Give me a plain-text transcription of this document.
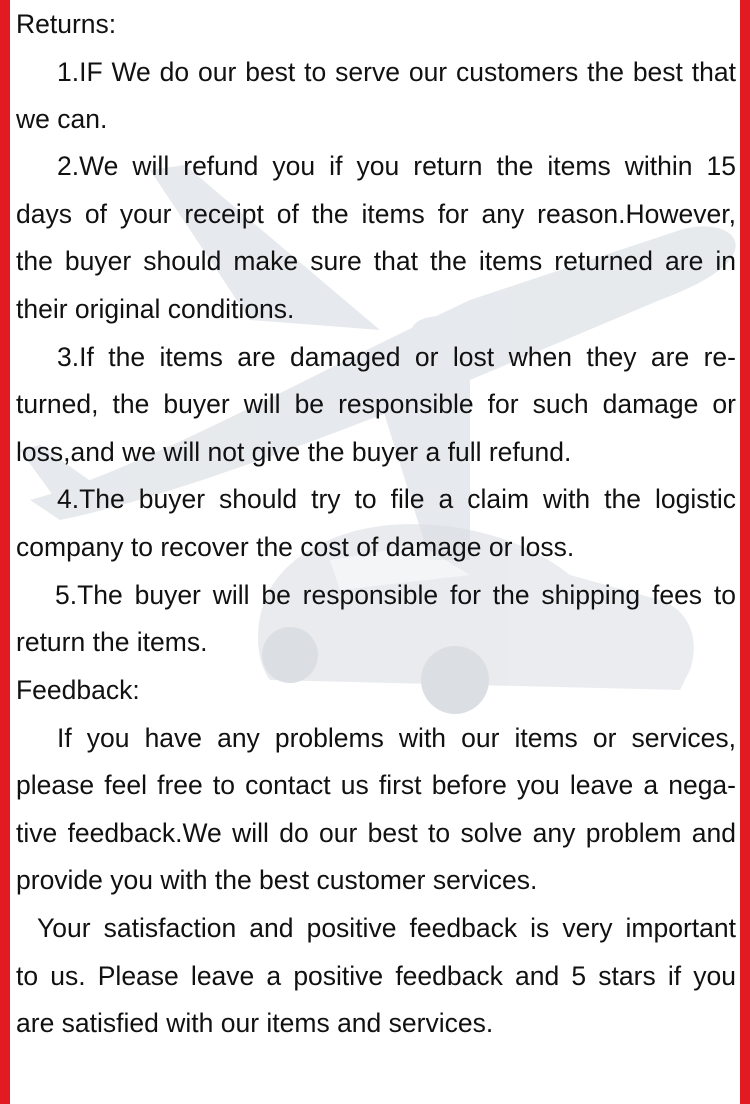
Returns:
1.IF We do our best to serve our customers the best that
we can.
2.We will refund you if you return the items within 15
days of your receipt of the items for any reason.However,
the buyer should make sure that the items returned are in
their original conditions.
3.If the items are damaged or lost when they are re-
turned, the buyer will be responsible for such damage or
loss,and we will not give the buyer a full refund.
4.The buyer should try to file a claim with the logistic
company to recover the cost of damage or loss.
5.The buyer will be responsible for the shipping fees to
return the items.
Feedback:
If you have any problems with our items or services,
please feel free to contact us first before you leave a nega-
tive feedback.We will do our best to solve any problem and
provide you with the best customer services.
Your satisfaction and positive feedback is very important
to us. Please leave a positive feedback and 5 stars if you
are satisfied with our items and services.
